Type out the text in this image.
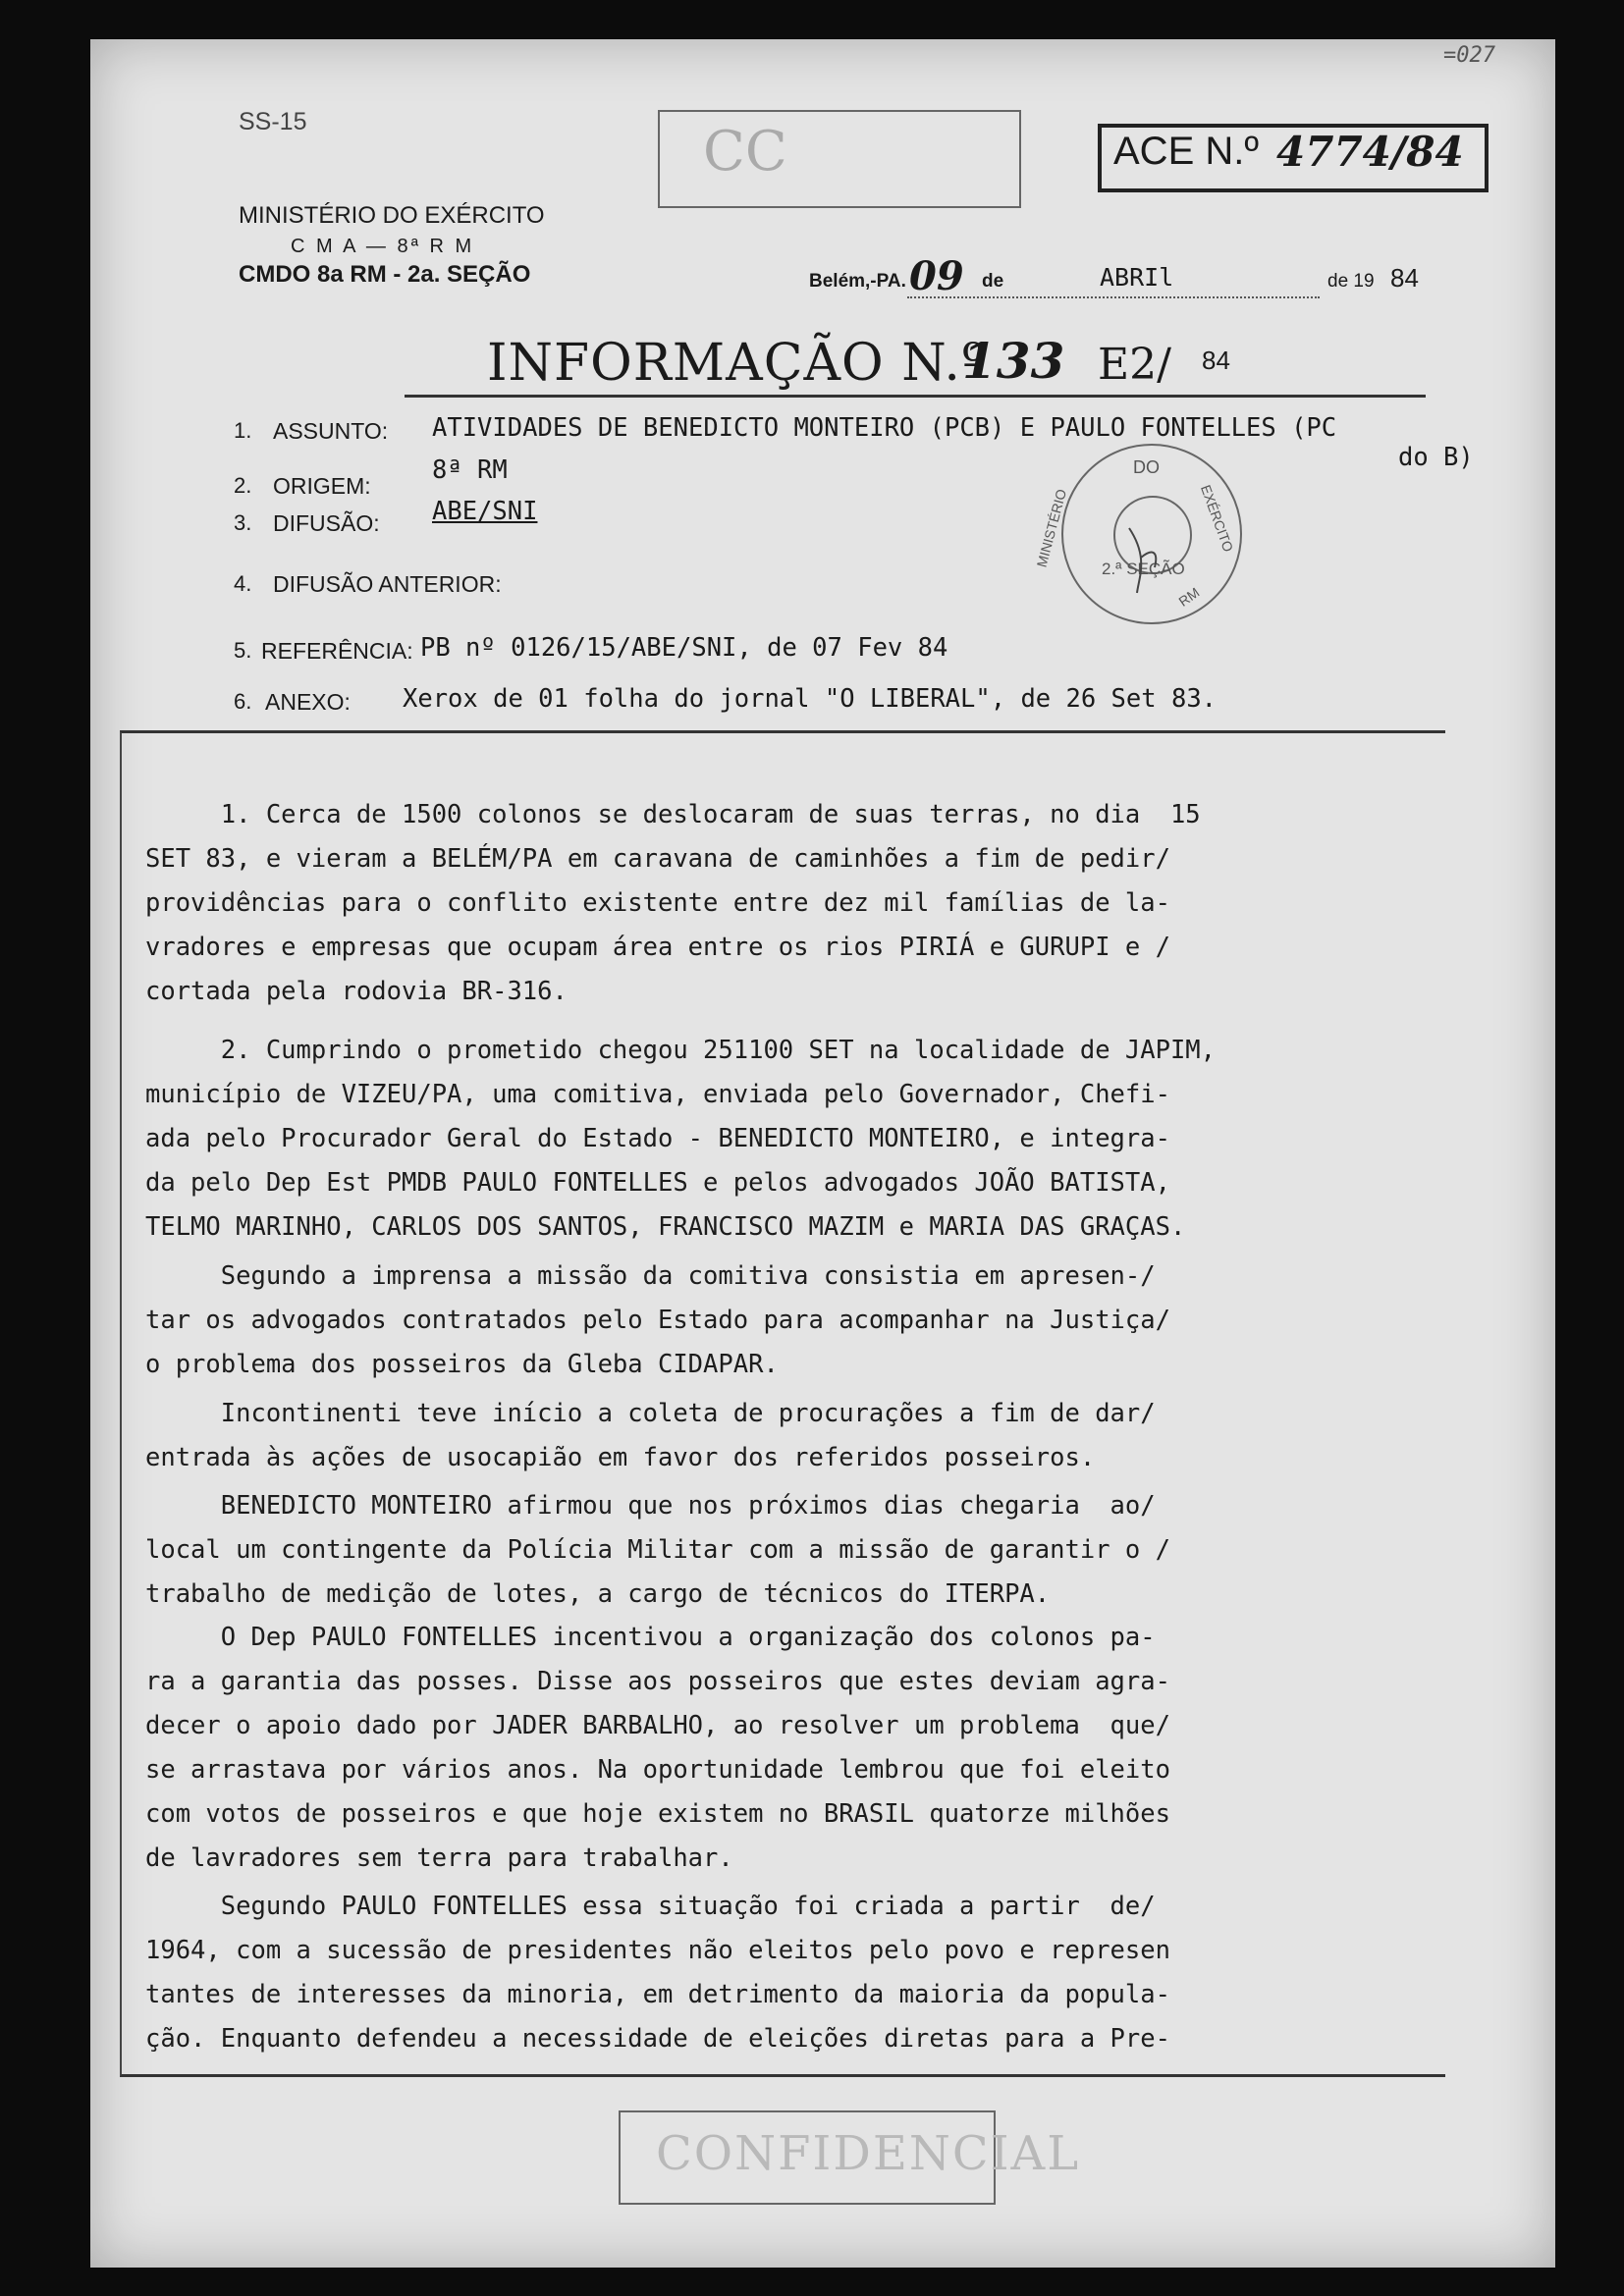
SS-15
=027
MINISTÉRIO DO EXÉRCITO
C M A — 8ª R M
CMDO 8a RM - 2a. SEÇÃO
CC	ACE N.º 4774/84
Belém,-PA. 09 de	ABRIl	de 19 84
INFORMAÇÃO N.º
133 E2/ 84
1. ASSUNTO: ATIVIDADES DE BENEDICTO MONTEIRO (PCB) E PAULO FONTELLES (PC
do B)
2. ORIGEM:
8ª RM
3. DIFUSÃO: ABE/SNI
4. DIFUSÃO ANTERIOR:
5. REFERÊNCIA: PB nº 0126/15/ABE/SNI, de 07 Fev 84
6. ANEXO: Xerox de 01 folha do jornal "O LIBERAL", de 26 Set 83.
DO
MINISTÉRIO	EXÉRCITO
RM
2.ª SEÇÃO
1. Cerca de 1500 colonos se deslocaram de suas terras, no dia  15
SET 83, e vieram a BELÉM/PA em caravana de caminhões a fim de pedir/
providências para o conflito existente entre dez mil famílias de la-
vradores e empresas que ocupam área entre os rios PIRIÁ e GURUPI e /
cortada pela rodovia BR-316.
2. Cumprindo o prometido chegou 251100 SET na localidade de JAPIM,
município de VIZEU/PA, uma comitiva, enviada pelo Governador, Chefi-
ada pelo Procurador Geral do Estado - BENEDICTO MONTEIRO, e integra-
da pelo Dep Est PMDB PAULO FONTELLES e pelos advogados JOÃO BATISTA,
TELMO MARINHO, CARLOS DOS SANTOS, FRANCISCO MAZIM e MARIA DAS GRAÇAS.
Segundo a imprensa a missão da comitiva consistia em apresen-/
tar os advogados contratados pelo Estado para acompanhar na Justiça/
o problema dos posseiros da Gleba CIDAPAR.
Incontinenti teve início a coleta de procurações a fim de dar/
entrada às ações de usocapião em favor dos referidos posseiros.
BENEDICTO MONTEIRO afirmou que nos próximos dias chegaria  ao/
local um contingente da Polícia Militar com a missão de garantir o /
trabalho de medição de lotes, a cargo de técnicos do ITERPA.
O Dep PAULO FONTELLES incentivou a organização dos colonos pa-
ra a garantia das posses. Disse aos posseiros que estes deviam agra-
decer o apoio dado por JADER BARBALHO, ao resolver um problema  que/
se arrastava por vários anos. Na oportunidade lembrou que foi eleito
com votos de posseiros e que hoje existem no BRASIL quatorze milhões
de lavradores sem terra para trabalhar.
Segundo PAULO FONTELLES essa situação foi criada a partir  de/
1964, com a sucessão de presidentes não eleitos pelo povo e represen
tantes de interesses da minoria, em detrimento da maioria da popula-
ção. Enquanto defendeu a necessidade de eleições diretas para a Pre-
CONFIDENCIAL
